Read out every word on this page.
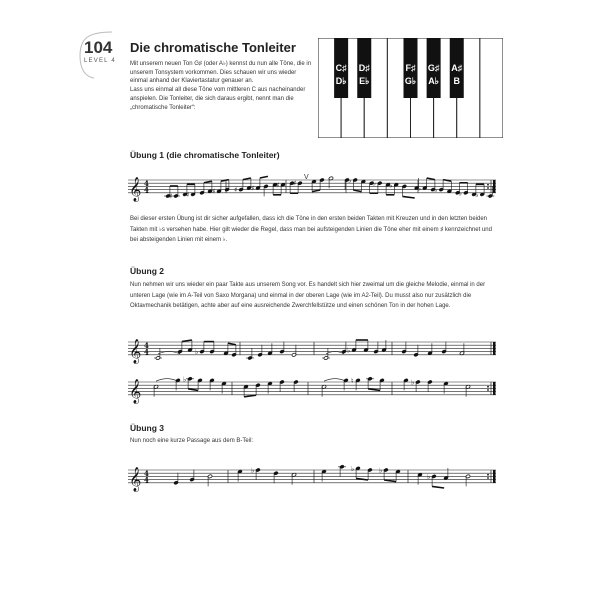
104
LEVEL 4
Die chromatische Tonleiter

Mit unserem neuen Ton G♯ (oder A♭) kennst du nun alle Töne, die in unserem Tonsystem vorkommen. Dies schauen wir uns wieder einmal anhand der Klaviertastatur genauer an.

Lass uns einmal all diese Töne vom mittleren C aus nacheinander anspielen. Die Tonleiter, die sich daraus ergibt, nennt man die „chromatische Tonleiter“:

C♯
D♭
D♯
E♭
F♯
G♭
G♯
A♭
A♯
B
Übung 1 (die chromatische Tonleiter)
𝄞 4
4
♯ ♯	♯	♯ ♯	♯ ♯	♭	♭ ♭	♭ ♭	♭ ♭
V
Bei dieser ersten Übung ist dir sicher aufgefallen, dass ich die Töne in den ersten beiden Takten mit Kreuzen und in den letzten beiden Takten mit ♭s versehen habe. Hier gilt wieder die Regel, dass man bei aufsteigenden Linien die Töne eher mit einem ♯ kennzeichnet und bei absteigenden Linien mit einem ♭.
Übung 2
Nun nehmen wir uns wieder ein paar Takte aus unserem Song vor. Es handelt sich hier zweimal um die gleiche Melodie, einmal in der unteren Lage (wie im A-Teil von Saxo Morgana) und einmal in der oberen Lage (wie im A2-Teil). Du musst also nur zusätzlich die Oktavmechanik betätigen, achte aber auf eine ausreichende Zwerchfellstütze und einen schönen Ton in der hohen Lage.
𝄞 4
4	♭	♭
𝄞	♭	♮	♭
Übung 3
Nun noch eine kurze Passage aus dem B-Teil:
𝄞 4
4
♭	♭	♭
♭
